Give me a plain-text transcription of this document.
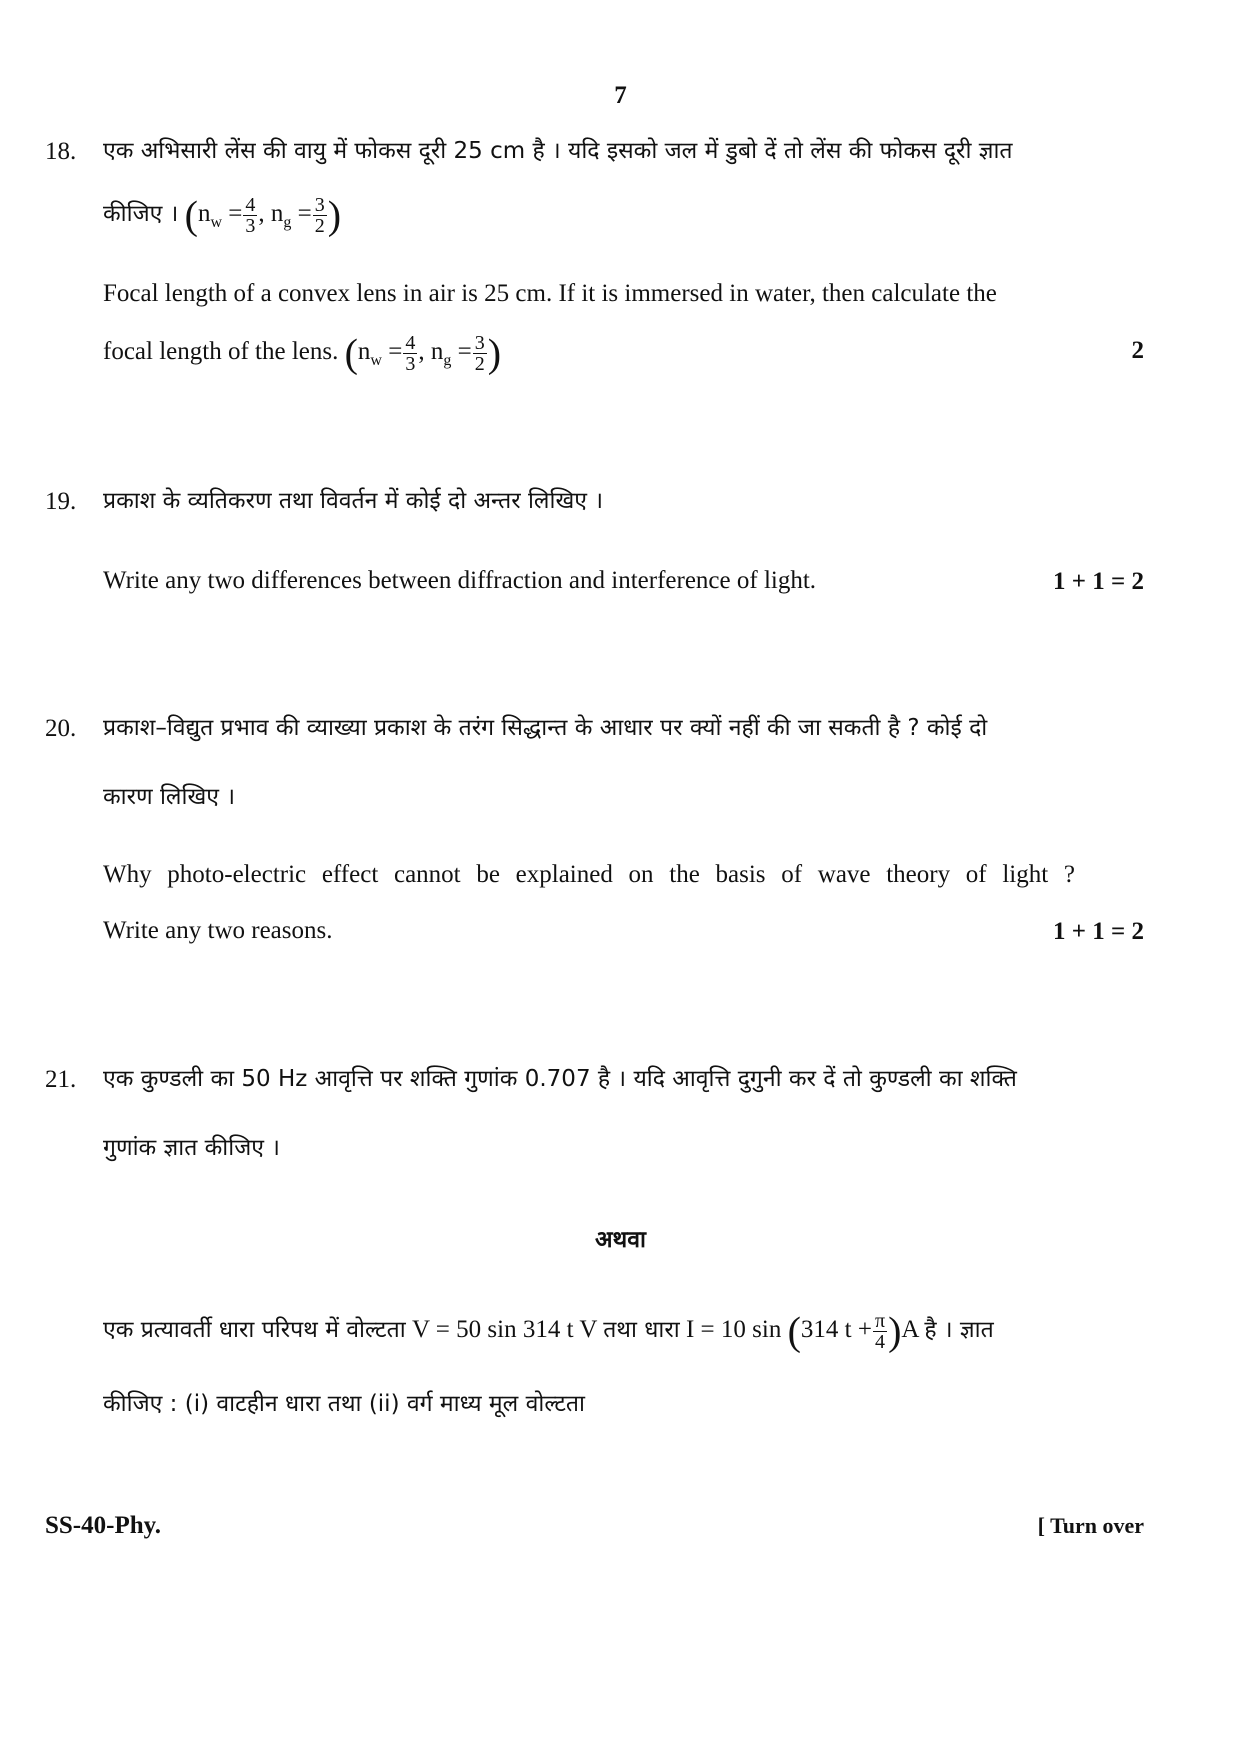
7
18. एक अभिसारी लेंस की वायु में फोकस दूरी 25 cm है । यदि इसको जल में डुबो दें तो लेंस की फोकस दूरी ज्ञात
कीजिए । ($n_w = \frac{4}{3}$ , $n_g = \frac{3}{2}$ )
Focal length of a convex lens in air is 25 cm. If it is immersed in water, then calculate the
focal length of the lens. ($n_w = \frac{4}{3}$ , $n_g = \frac{3}{2}$ )	2
19. प्रकाश के व्यतिकरण तथा विवर्तन में कोई दो अन्तर लिखिए ।
Write any two differences between diffraction and interference of light.	1 + 1 = 2
20. प्रकाश–विद्युत प्रभाव की व्याख्या प्रकाश के तरंग सिद्धान्त के आधार पर क्यों नहीं की जा सकती है ? कोई दो
कारण लिखिए ।
Why photo-electric effect cannot be explained on the basis of wave theory of light ?
Write any two reasons.	1 + 1 = 2
21. एक कुण्डली का 50 Hz आवृत्ति पर शक्ति गुणांक 0.707 है । यदि आवृत्ति दुगुनी कर दें तो कुण्डली का शक्ति
गुणांक ज्ञात कीजिए ।
अथवा
एक प्रत्यावर्ती धारा परिपथ में वोल्टता V = 50 sin 314 t V तथा धारा I = 10 sin (314 $t + \frac{\pi}{4} )A$ है । ज्ञात
कीजिए : (i) वाटहीन धारा तथा (ii) वर्ग माध्य मूल वोल्टता
SS-40-Phy.	[ Turn over
